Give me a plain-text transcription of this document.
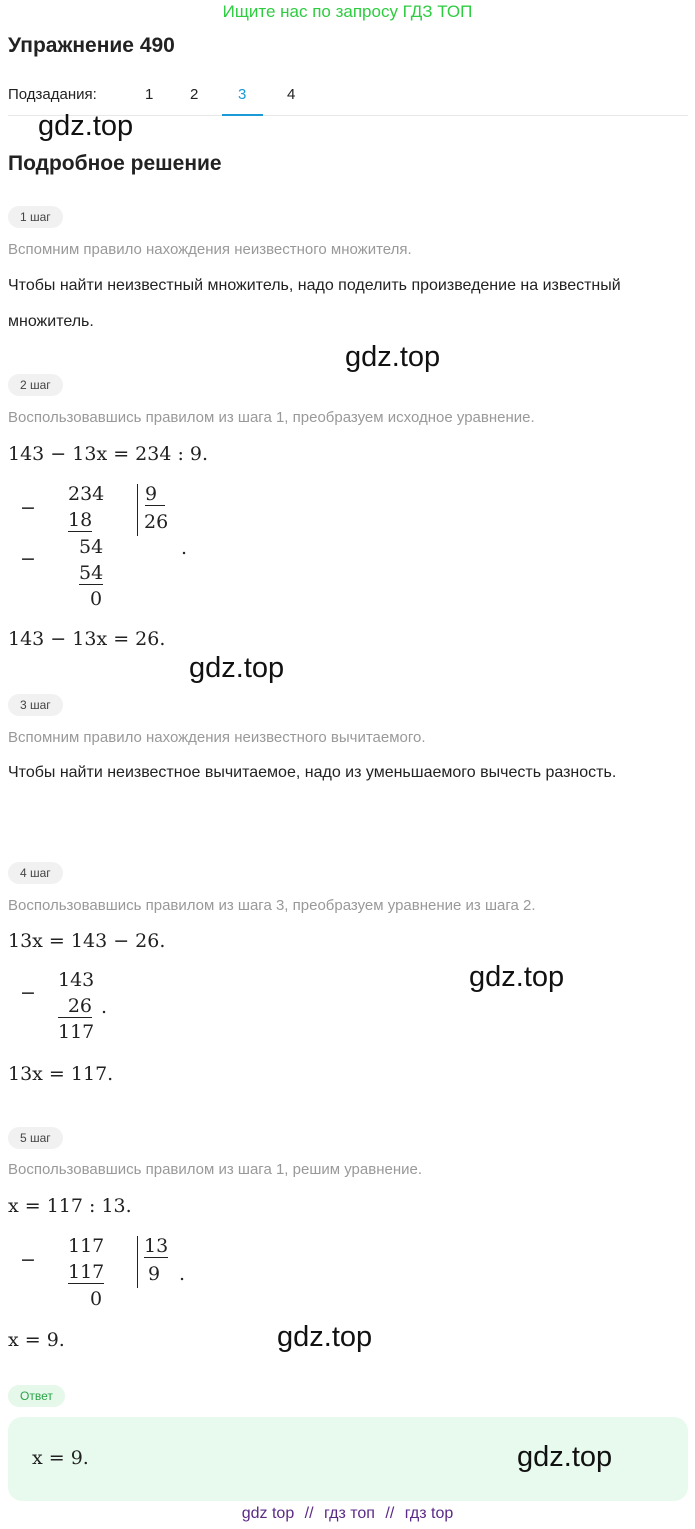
Ищите нас по запросу ГДЗ ТОП
Упражнение 490
Подзадания:	1 2	3	4
gdz.top
Подробное решение
1 шаг
Вспомним правило нахождения неизвестного множителя.
Чтобы найти неизвестный множитель, надо поделить произведение на известный множитель.
gdz.top
2 шаг
Воспользовавшись правилом из шага 1, преобразуем исходное уравнение.
143 − 13x = 234 : 9.
−
234 9
18	26
−
54	.
54
0
143 − 13x = 26.
gdz.top
3 шаг
Вспомним правило нахождения неизвестного вычитаемого.
Чтобы найти неизвестное вычитаемое, надо из уменьшаемого вычесть разность.
4 шаг
Воспользовавшись правилом из шага 3, преобразуем уравнение из шага 2.
13x = 143 − 26.
−
143
26 .
117
gdz.top
13x = 117.
5 шаг
Воспользовавшись правилом из шага 1, решим уравнение.
x = 117 : 13.
−
117 13
117 9 .
0
x = 9.	gdz.top
Ответ
x = 9.	gdz.top
gdz top // гдз топ // гдз top
